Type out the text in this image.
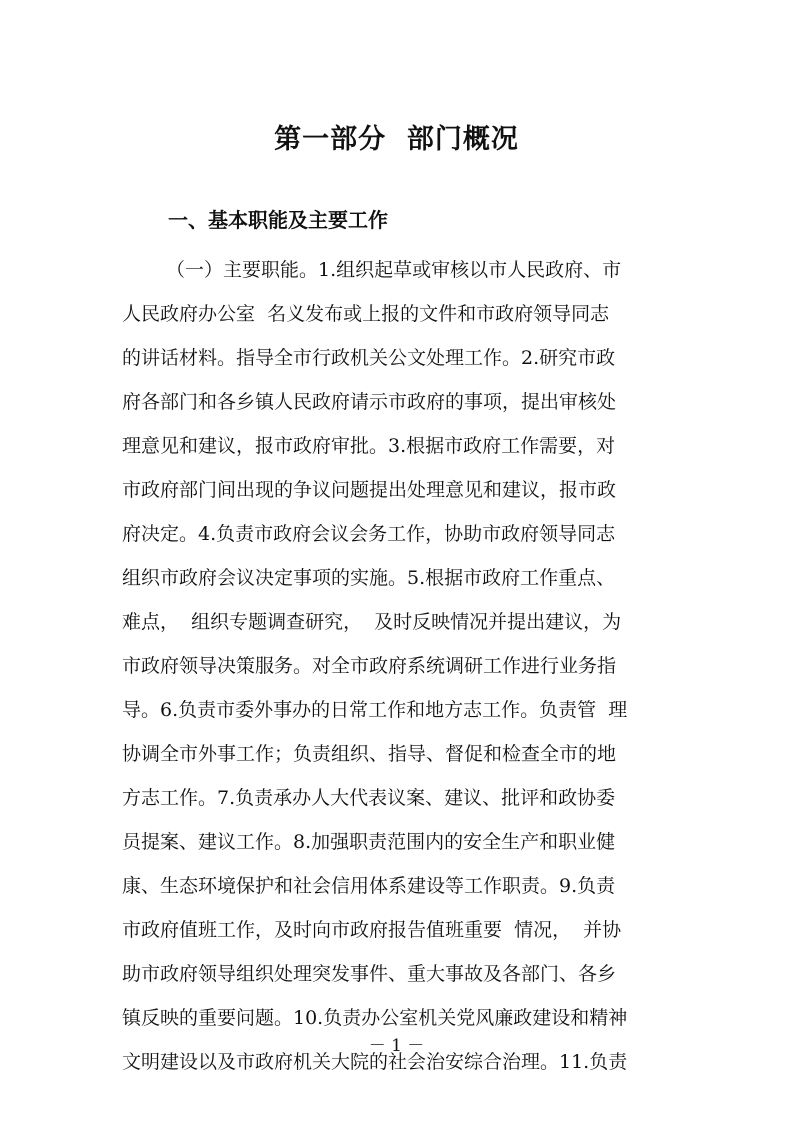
第一部分  部门概况
一、基本职能及主要工作
（一）主要职能。1.组织起草或审核以市人民政府、市
人民政府办公室  名义发布或上报的文件和市政府领导同志
的讲话材料。指导全市行政机关公文处理工作。2.研究市政
府各部门和各乡镇人民政府请示市政府的事项，提出审核处
理意见和建议，报市政府审批。3.根据市政府工作需要，对
市政府部门间出现的争议问题提出处理意见和建议，报市政
府决定。4.负责市政府会议会务工作，协助市政府领导同志
组织市政府会议决定事项的实施。5.根据市政府工作重点、
难点，  组织专题调查研究，  及时反映情况并提出建议，为
市政府领导决策服务。对全市政府系统调研工作进行业务指
导。6.负责市委外事办的日常工作和地方志工作。负责管  理
协调全市外事工作；负责组织、指导、督促和检查全市的地
方志工作。7.负责承办人大代表议案、建议、批评和政协委
员提案、建议工作。8.加强职责范围内的安全生产和职业健
康、生态环境保护和社会信用体系建设等工作职责。9.负责
市政府值班工作，及时向市政府报告值班重要  情况，  并协
助市政府领导组织处理突发事件、重大事故及各部门、各乡
镇反映的重要问题。10.负责办公室机关党风廉政建设和精神
文明建设以及市政府机关大院的社会治安综合治理。11.负责
－ 1 －
